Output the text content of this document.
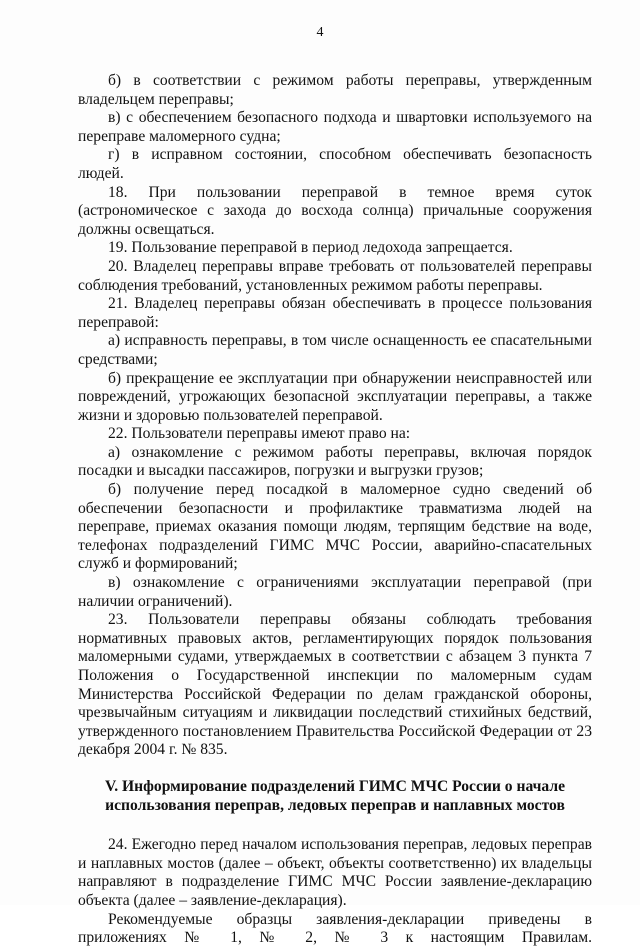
4

б) в соответствии с режимом работы переправы, утвержденным владельцем переправы;

в) с обеспечением безопасного подхода и швартовки используемого на переправе маломерного судна;

г) в исправном состоянии, способном обеспечивать безопасность людей.

18. При пользовании переправой в темное время суток (астрономическое с захода до восхода солнца) причальные сооружения должны освещаться.

19. Пользование переправой в период ледохода запрещается.

20. Владелец переправы вправе требовать от пользователей переправы соблюдения требований, установленных режимом работы переправы.

21. Владелец переправы обязан обеспечивать в процессе пользования переправой:

а) исправность переправы, в том числе оснащенность ее спасательными средствами;

б) прекращение ее эксплуатации при обнаружении неисправностей или повреждений, угрожающих безопасной эксплуатации переправы, а также жизни и здоровью пользователей переправой.

22. Пользователи переправы имеют право на:

а) ознакомление с режимом работы переправы, включая порядок посадки и высадки пассажиров, погрузки и выгрузки грузов;

б) получение перед посадкой в маломерное судно сведений об обеспечении безопасности и профилактике травматизма людей на переправе, приемах оказания помощи людям, терпящим бедствие на воде, телефонах подразделений ГИМС МЧС России, аварийно-спасательных служб и формирований;

в) ознакомление с ограничениями эксплуатации переправой (при наличии ограничений).

23. Пользователи переправы обязаны соблюдать требования нормативных правовых актов, регламентирующих порядок пользования маломерными судами, утверждаемых в соответствии с абзацем 3 пункта 7 Положения о Государственной инспекции по маломерным судам Министерства Российской Федерации по делам гражданской обороны, чрезвычайным ситуациям и ликвидации последствий стихийных бедствий, утвержденного постановлением Правительства Российской Федерации от 23 декабря 2004 г. № 835.

V. Информирование подразделений ГИМС МЧС России о начале использования переправ, ледовых переправ и наплавных мостов

24. Ежегодно перед началом использования переправ, ледовых переправ и наплавных мостов (далее – объект, объекты соответственно) их владельцы направляют в подразделение ГИМС МЧС России заявление-декларацию объекта (далее – заявление-декларация).

Рекомендуемые образцы заявления-декларации приведены в приложениях № 1, № 2, № 3 к настоящим Правилам.
